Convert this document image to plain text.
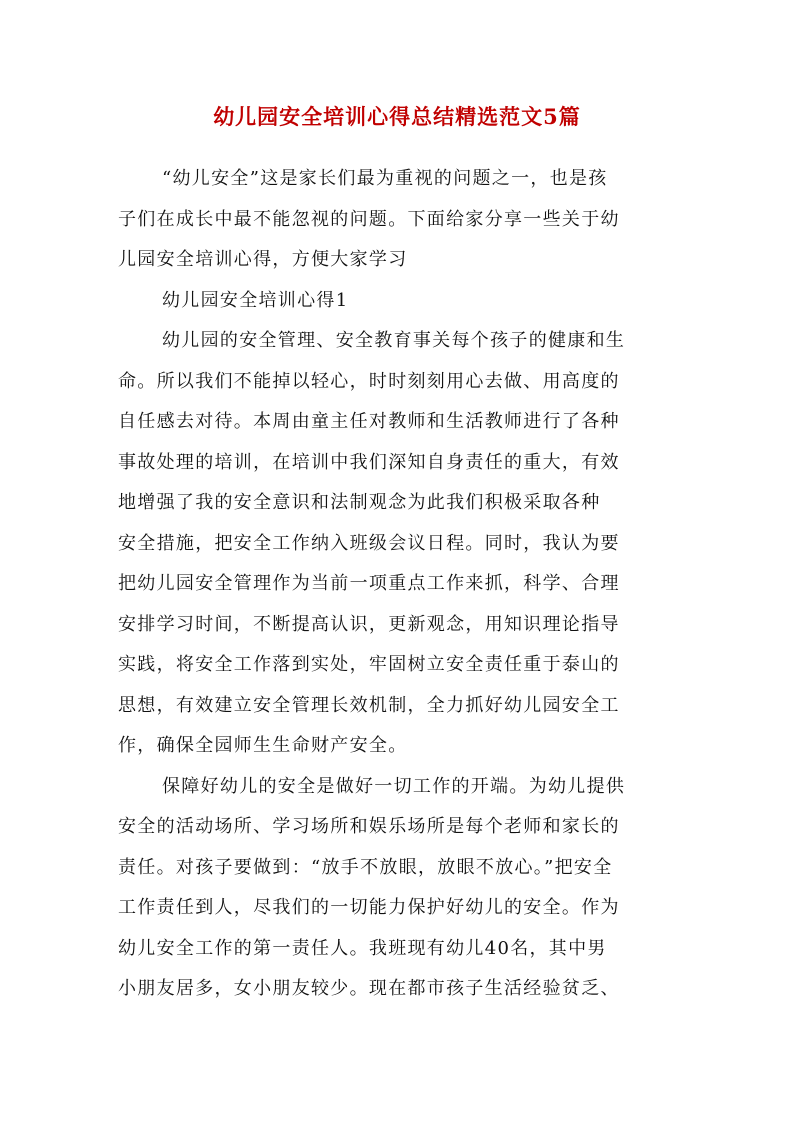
幼儿园安全培训心得总结精选范文5篇
“幼儿安全”这是家长们最为重视的问题之一，也是孩
子们在成长中最不能忽视的问题。下面给家分享一些关于幼
儿园安全培训心得，方便大家学习
幼儿园安全培训心得1
幼儿园的安全管理、安全教育事关每个孩子的健康和生
命。所以我们不能掉以轻心，时时刻刻用心去做、用高度的
自任感去对待。本周由童主任对教师和生活教师进行了各种
事故处理的培训，在培训中我们深知自身责任的重大，有效
地增强了我的安全意识和法制观念为此我们积极采取各种
安全措施，把安全工作纳入班级会议日程。同时，我认为要
把幼儿园安全管理作为当前一项重点工作来抓，科学、合理
安排学习时间，不断提高认识，更新观念，用知识理论指导
实践，将安全工作落到实处，牢固树立安全责任重于泰山的
思想，有效建立安全管理长效机制，全力抓好幼儿园安全工
作，确保全园师生生命财产安全。
保障好幼儿的安全是做好一切工作的开端。为幼儿提供
安全的活动场所、学习场所和娱乐场所是每个老师和家长的
责任。对孩子要做到：“放手不放眼，放眼不放心。”把安全
工作责任到人，尽我们的一切能力保护好幼儿的安全。作为
幼儿安全工作的第一责任人。我班现有幼儿40名，其中男
小朋友居多，女小朋友较少。现在都市孩子生活经验贫乏、
